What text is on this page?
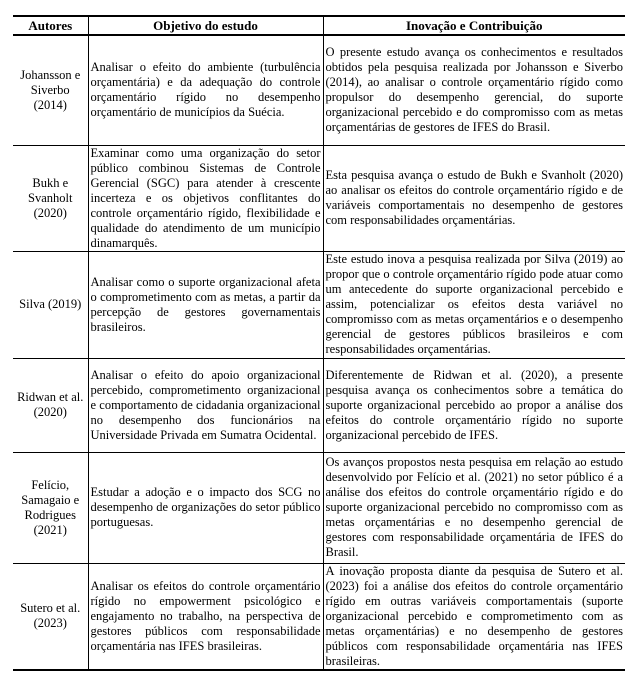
Autores	Objetivo do estudo	Inovação e Contribuição
Johansson e Siverbo (2014)	Analisar o efeito do ambiente (turbulência orçamentária) e da adequação do controle orçamentário rígido no desempenho orçamentário de municípios da Suécia.	O presente estudo avança os conhecimentos e resultados obtidos pela pesquisa realizada por Johansson e Siverbo (2014), ao analisar o controle orçamentário rígido como propulsor do desempenho gerencial, do suporte organizacional percebido e do compromisso com as metas orçamentárias de gestores de IFES do Brasil.
Bukh e Svanholt (2020)	Examinar como uma organização do setor público combinou Sistemas de Controle Gerencial (SGC) para atender à crescente incerteza e os objetivos conflitantes do controle orçamentário rígido, flexibilidade e qualidade do atendimento de um município dinamarquês.	Esta pesquisa avança o estudo de Bukh e Svanholt (2020) ao analisar os efeitos do controle orçamentário rígido e de variáveis comportamentais no desempenho de gestores com responsabilidades orçamentárias.
Silva (2019)	Analisar como o suporte organizacional afeta o comprometimento com as metas, a partir da percepção de gestores governamentais brasileiros.	Este estudo inova a pesquisa realizada por Silva (2019) ao propor que o controle orçamentário rígido pode atuar como um antecedente do suporte organizacional percebido e assim, potencializar os efeitos desta variável no compromisso com as metas orçamentários e o desempenho gerencial de gestores públicos brasileiros e com responsabilidades orçamentárias.
Ridwan et al. (2020)	Analisar o efeito do apoio organizacional percebido, comprometimento organizacional e comportamento de cidadania organizacional no desempenho dos funcionários na Universidade Privada em Sumatra Ocidental.	Diferentemente de Ridwan et al. (2020), a presente pesquisa avança os conhecimentos sobre a temática do suporte organizacional percebido ao propor a análise dos efeitos do controle orçamentário rígido no suporte organizacional percebido de IFES.
Felício, Samagaio e Rodrigues (2021)	Estudar a adoção e o impacto dos SCG no desempenho de organizações do setor público portuguesas.	Os avanços propostos nesta pesquisa em relação ao estudo desenvolvido por Felício et al. (2021) no setor público é a análise dos efeitos do controle orçamentário rígido e do suporte organizacional percebido no compromisso com as metas orçamentárias e no desempenho gerencial de gestores com responsabilidade orçamentária de IFES do Brasil.
Sutero et al. (2023)	Analisar os efeitos do controle orçamentário rígido no empowerment psicológico e engajamento no trabalho, na perspectiva de gestores públicos com responsabilidade orçamentária nas IFES brasileiras.	A inovação proposta diante da pesquisa de Sutero et al. (2023) foi a análise dos efeitos do controle orçamentário rígido em outras variáveis comportamentais (suporte organizacional percebido e comprometimento com as metas orçamentárias) e no desempenho de gestores públicos com responsabilidade orçamentária nas IFES brasileiras.
